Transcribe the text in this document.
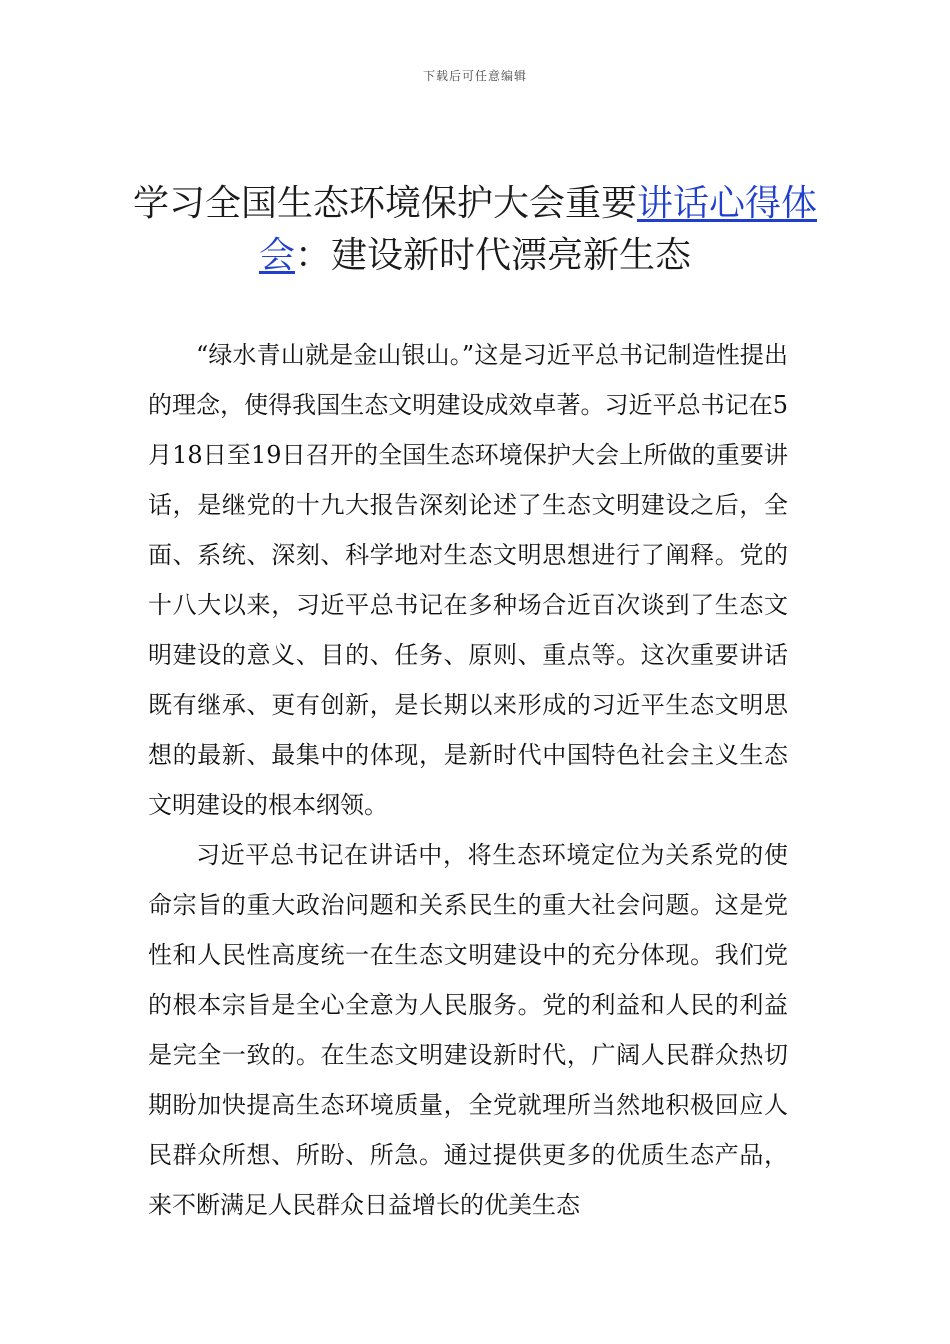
下载后可任意编辑
学习全国生态环境保护大会重要讲话心得体会：建设新时代漂亮新生态

“绿水青山就是金山银山。”这是习近平总书记制造性提出的理念，使得我国生态文明建设成效卓著。习近平总书记在5月18日至19日召开的全国生态环境保护大会上所做的重要讲话，是继党的十九大报告深刻论述了生态文明建设之后，全面、系统、深刻、科学地对生态文明思想进行了阐释。党的十八大以来，习近平总书记在多种场合近百次谈到了生态文明建设的意义、目的、任务、原则、重点等。这次重要讲话既有继承、更有创新，是长期以来形成的习近平生态文明思想的最新、最集中的体现，是新时代中国特色社会主义生态文明建设的根本纲领。

习近平总书记在讲话中，将生态环境定位为关系党的使命宗旨的重大政治问题和关系民生的重大社会问题。这是党性和人民性高度统一在生态文明建设中的充分体现。我们党的根本宗旨是全心全意为人民服务。党的利益和人民的利益是完全一致的。在生态文明建设新时代，广阔人民群众热切期盼加快提高生态环境质量，全党就理所当然地积极回应人民群众所想、所盼、所急。通过提供更多的优质生态产品，来不断满足人民群众日益增长的优美生态
